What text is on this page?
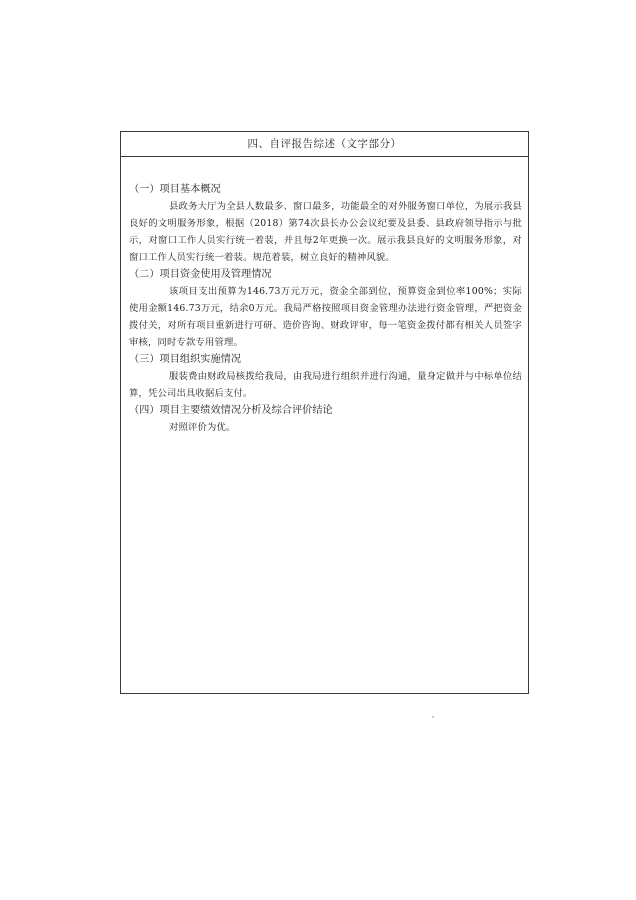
四、自评报告综述（文字部分）

（一）项目基本概况

县政务大厅为全县人数最多、窗口最多，功能最全的对外服务窗口单位，为展示我县良好的文明服务形象，根据（2018）第74次县长办公会议纪要及县委、县政府领导指示与批示，对窗口工作人员实行统一着装，并且每2年更换一次。展示我县良好的文明服务形象，对窗口工作人员实行统一着装。规范着装，树立良好的精神风貌。

（二）项目资金使用及管理情况

该项目支出预算为146.73万元万元，资金全部到位，预算资金到位率100%；实际使用金额146.73万元，结余0万元。我局严格按照项目资金管理办法进行资金管理，严把资金拨付关，对所有项目重新进行可研、造价咨询、财政评审，每一笔资金拨付都有相关人员签字审核，同时专款专用管理。

（三）项目组织实施情况

服装费由财政局核拨给我局，由我局进行组织并进行沟通，量身定做并与中标单位结算，凭公司出具收据后支付。

（四）项目主要绩效情况分析及综合评价结论

对照评价为优。
